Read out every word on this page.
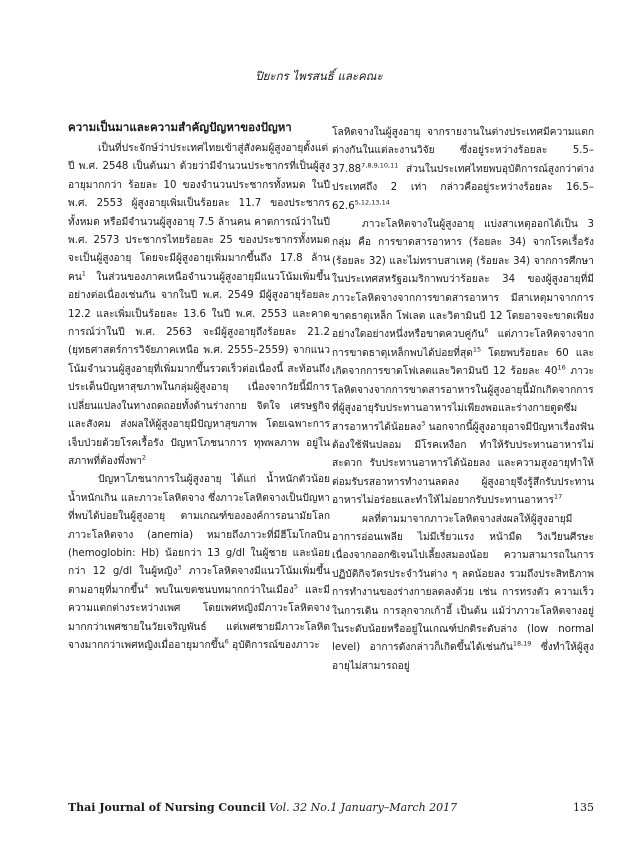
ปิยะกร ไพรสนธิ์ และคณะ
ความเป็นมาและความสำคัญปัญหาของปัญหา

เป็นที่ประจักษ์ว่าประเทศไทยเข้าสู่สังคมผู้สูงอายุตั้งแต่ปี พ.ศ. 2548 เป็นต้นมา ด้วยว่ามีจำนวนประชากรที่เป็นผู้สูงอายุมากกว่า ร้อยละ 10 ของจำนวนประชากรทั้งหมด ในปี พ.ศ. 2553 ผู้สูงอายุเพิ่มเป็นร้อยละ 11.7 ของประชากรทั้งหมด หรือมีจำนวนผู้สูงอายุ 7.5 ล้านคน คาดการณ์ว่าในปี พ.ศ. 2573 ประชากรไทยร้อยละ 25 ของประชากรทั้งหมดจะเป็นผู้สูงอายุ โดยจะมีผู้สูงอายุเพิ่มมากขึ้นถึง 17.8 ล้านคน$^1$ ในส่วนของภาคเหนือจำนวนผู้สูงอายุมีแนวโน้มเพิ่มขึ้นอย่างต่อเนื่องเช่นกัน จากในปี พ.ศ. 2549 มีผู้สูงอายุร้อยละ 12.2 และเพิ่มเป็นร้อยละ 13.6 ในปี พ.ศ. 2553 และคาดการณ์ว่าในปี พ.ศ. 2563 จะมีผู้สูงอายุถึงร้อยละ 21.2 (ยุทธศาสตร์การวิจัยภาคเหนือ พ.ศ. 2555–2559) จากแนวโน้มจำนวนผู้สูงอายุที่เพิ่มมากขึ้นรวดเร็วต่อเนื่องนี้ สะท้อนถึงประเด็นปัญหาสุขภาพในกลุ่มผู้สูงอายุ เนื่องจากวัยนี้มีการเปลี่ยนแปลงในทางถดถอยทั้งด้านร่างกาย จิตใจ เศรษฐกิจ และสังคม ส่งผลให้ผู้สูงอายุมีปัญหาสุขภาพ โดยเฉพาะการเจ็บป่วยด้วยโรคเรื้อรัง ปัญหาโภชนาการ ทุพพลภาพ อยู่ในสภาพที่ต้องพึ่งพา$^2$

ปัญหาโภชนาการในผู้สูงอายุ ได้แก่ น้ำหนักตัวน้อย น้ำหนักเกิน และภาวะโลหิตจาง ซึ่งภาวะโลหิตจางเป็นปัญหาที่พบได้บ่อยในผู้สูงอายุ ตามเกณฑ์ขององค์การอนามัยโลก ภาวะโลหิตจาง (anemia) หมายถึงภาวะที่มีฮีโมโกลบิน (hemoglobin: Hb) น้อยกว่า 13 g/dl ในผู้ชาย และน้อยกว่า 12 g/dl ในผู้หญิง$^3$ ภาวะโลหิตจางมีแนวโน้มเพิ่มขึ้นตามอายุที่มากขึ้น$^4$ พบในเขตชนบทมากกว่าในเมือง$^5$ และมีความแตกต่างระหว่างเพศ โดยเพศหญิงมีภาวะโลหิตจางมากกว่าเพศชายในวัยเจริญพันธ์ แต่เพศชายมีภาวะโลหิตจางมากกว่าเพศหญิงเมื่ออายุมากขึ้น$^6$ อุบัติการณ์ของภาวะ

โลหิตจางในผู้สูงอายุ จากรายงานในต่างประเทศมีความแตกต่างกันในแต่ละงานวิจัย ซึ่งอยู่ระหว่างร้อยละ 5.5–37.88$^{7,8,9,10,11}$ ส่วนในประเทศไทยพบอุบัติการณ์สูงกว่าต่างประเทศถึง 2 เท่า กล่าวคืออยู่ระหว่างร้อยละ 16.5–62.6$^{5,12,13,14}$

ภาวะโลหิตจางในผู้สูงอายุ แบ่งสาเหตุออกได้เป็น 3 กลุ่ม คือ การขาดสารอาหาร (ร้อยละ 34) จากโรคเรื้อรัง (ร้อยละ 32) และไม่ทราบสาเหตุ (ร้อยละ 34) จากการศึกษาในประเทศสหรัฐอเมริกาพบว่าร้อยละ 34 ของผู้สูงอายุที่มีภาวะโลหิตจางจากการขาดสารอาหาร มีสาเหตุมาจากการขาดธาตุเหล็ก โฟเลต และวิตามินบี 12 โดยอาจจะขาดเพียงอย่างใดอย่างหนึ่งหรือขาดควบคู่กัน$^6$ แต่ภาวะโลหิตจางจากการขาดธาตุเหล็กพบได้บ่อยที่สุด$^{15}$ โดยพบร้อยละ 60 และเกิดจากการขาดโฟเลตและวิตามินบี 12 ร้อยละ $40^{16}$ ภาวะโลหิตจางจากการขาดสารอาหารในผู้สูงอายุนี้มักเกิดจากการที่ผู้สูงอายุรับประทานอาหารไม่เพียงพอและร่างกายดูดซึมสารอาหารได้น้อยลง$^3$ นอกจากนี้ผู้สูงอายุอาจมีปัญหาเรื่องฟัน ต้องใช้ฟันปลอม มีโรคเหงือก ทำให้รับประทานอาหารไม่สะดวก รับประทานอาหารได้น้อยลง และความสูงอายุทำให้ต่อมรับรสอาหารทำงานลดลง ผู้สูงอายุจึงรู้สึกรับประทานอาหารไม่อร่อยและทำให้ไม่อยากรับประทานอาหาร$^{17}$

ผลที่ตามมาจากภาวะโลหิตจางส่งผลให้ผู้สูงอายุมีอาการอ่อนเพลีย ไม่มีเรี่ยวแรง หน้ามืด วิงเวียนศีรษะ เนื่องจากออกซิเจนไปเลี้ยงสมองน้อย ความสามารถในการปฏิบัติกิจวัตรประจำวันต่าง ๆ ลดน้อยลง รวมถึงประสิทธิภาพการทำงานของร่างกายลดลงด้วย เช่น การทรงตัว ความเร็วในการเดิน การลุกจากเก้าอี้ เป็นต้น แม้ว่าภาวะโลหิตจางอยู่ในระดับน้อยหรืออยู่ในเกณฑ์ปกติระดับล่าง (low normal level) อาการดังกล่าวก็เกิดขึ้นได้เช่นกัน$^{18,19}$ ซึ่งทำให้ผู้สูงอายุไม่สามารถอยู่

Thai Journal of Nursing Council Vol. 32 No.1 January–March 2017	135
